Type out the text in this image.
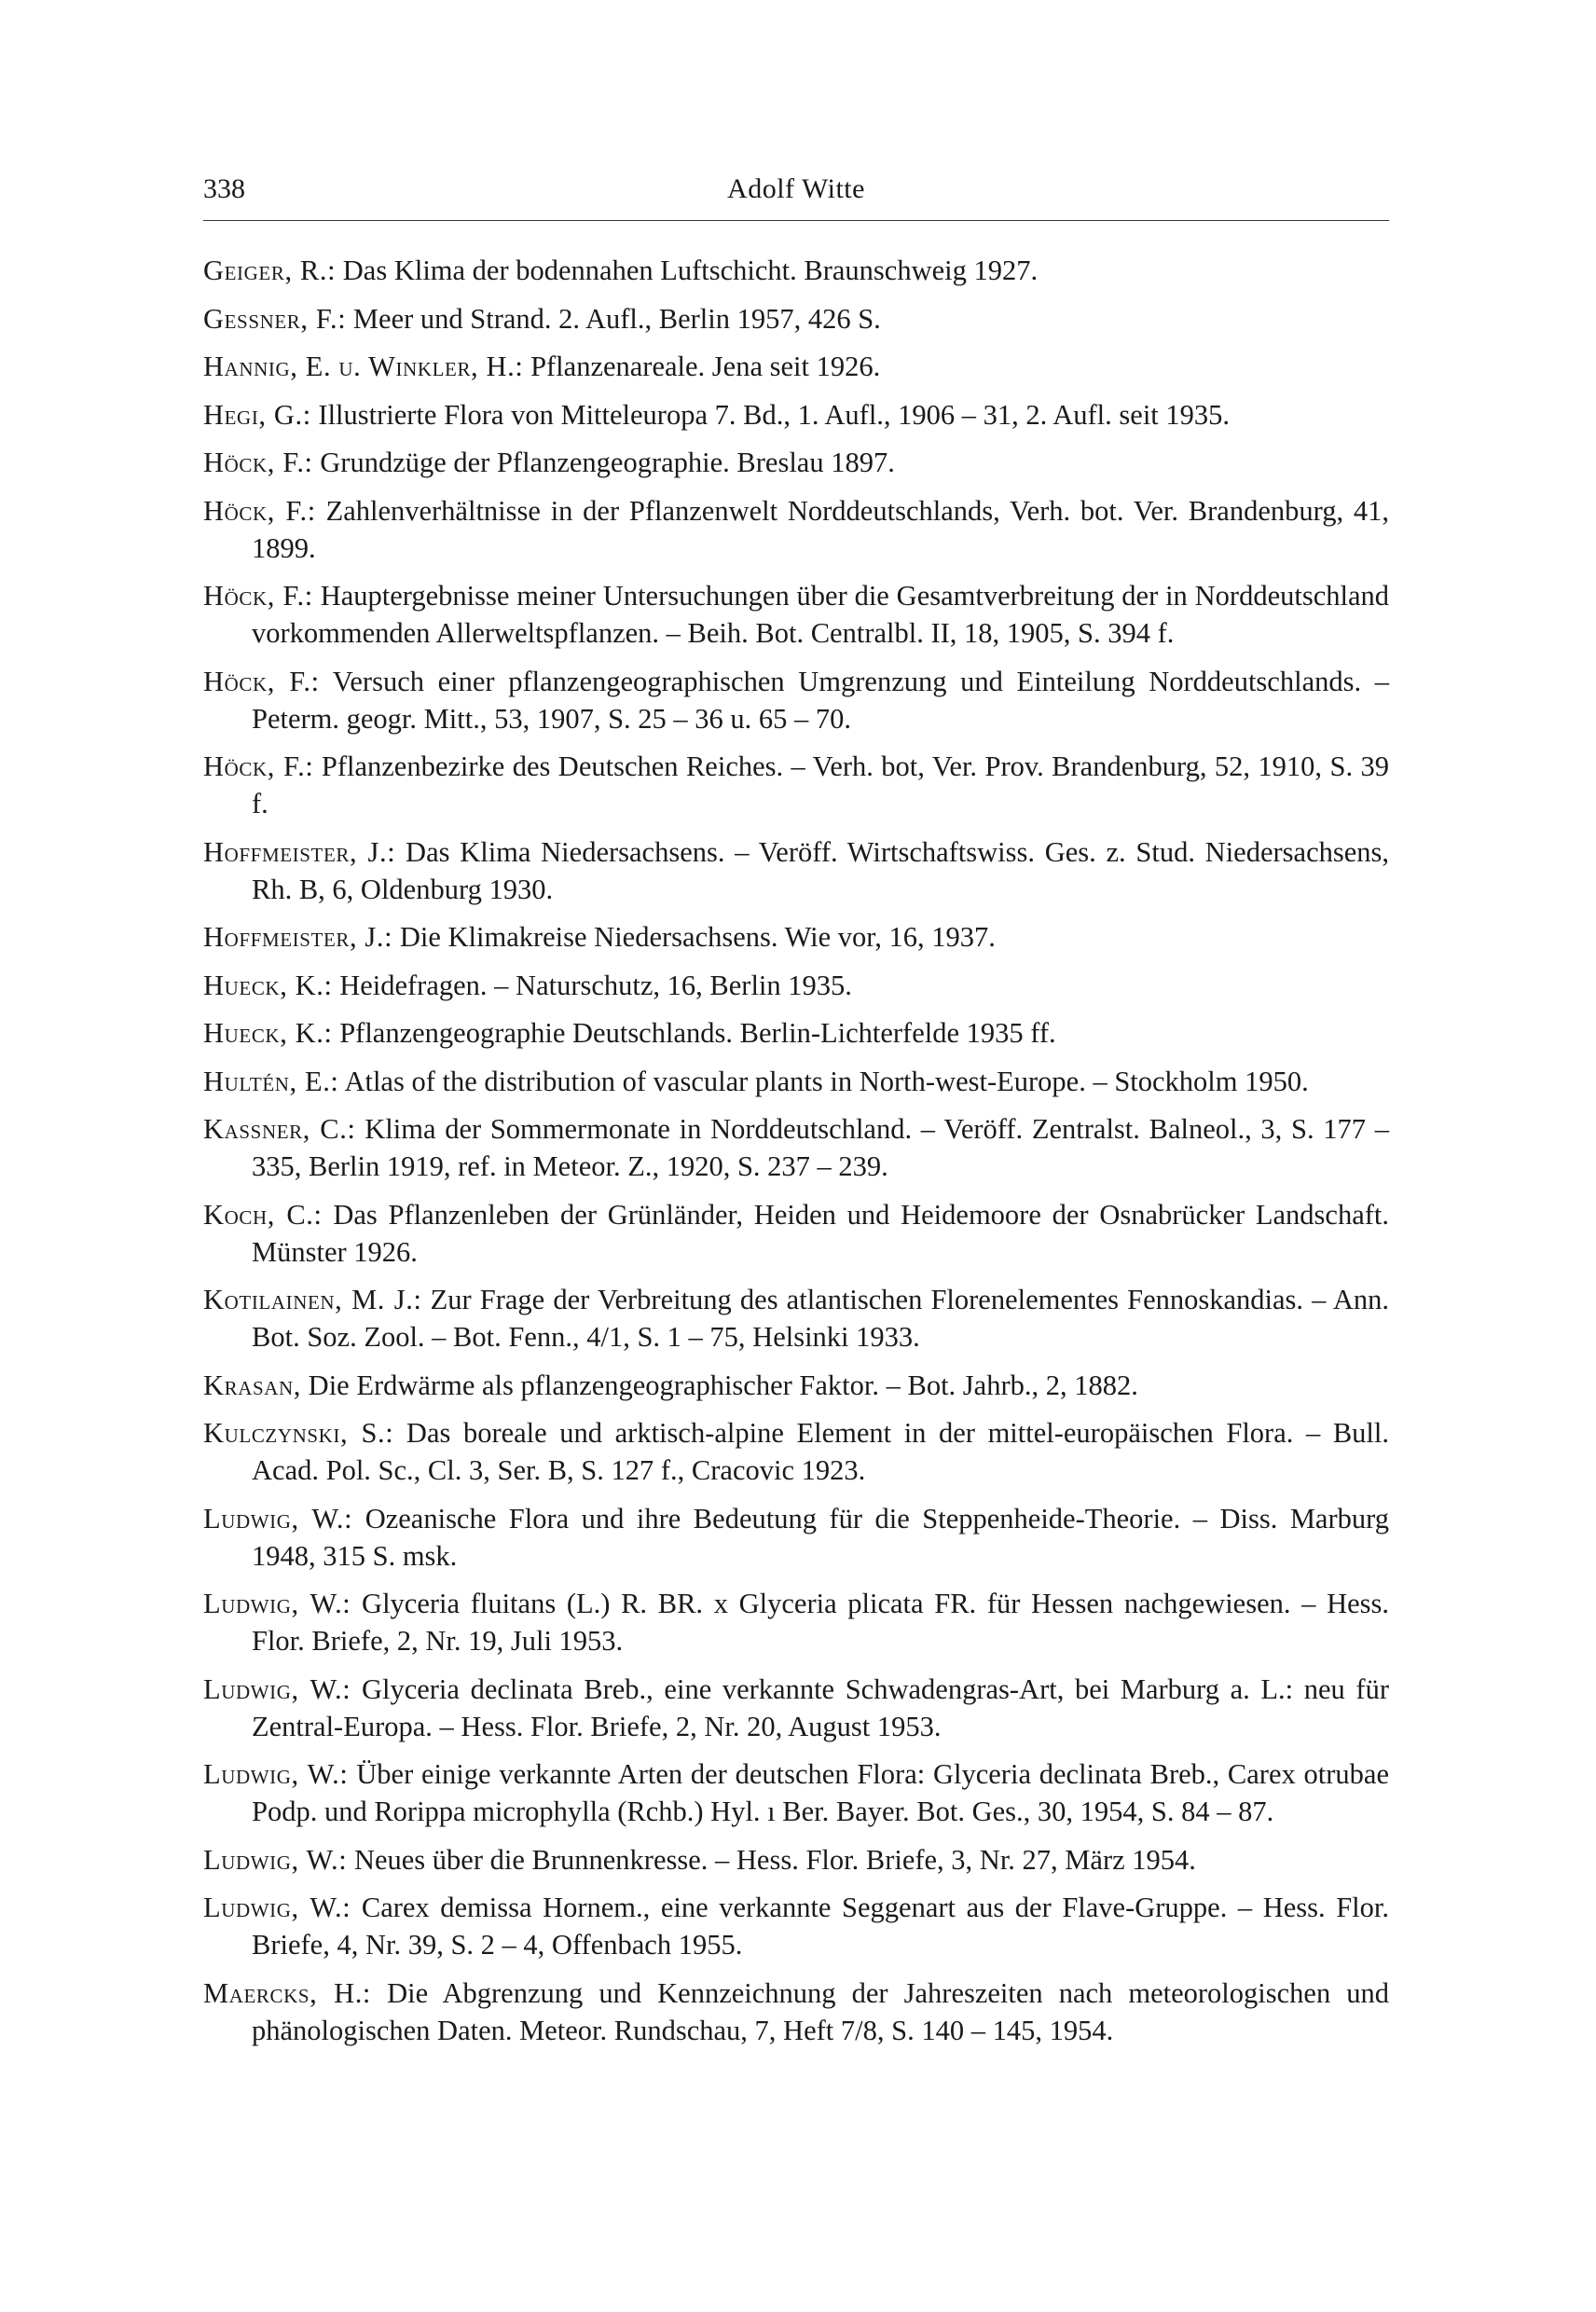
338	Adolf Witte

Geiger, R.: Das Klima der bodennahen Luftschicht. Braunschweig 1927.

Gessner, F.: Meer und Strand. 2. Aufl., Berlin 1957, 426 S.

Hannig, E. u. Winkler, H.: Pflanzenareale. Jena seit 1926.

Hegi, G.: Illustrierte Flora von Mitteleuropa 7. Bd., 1. Aufl., 1906 – 31, 2. Aufl. seit 1935.

Höck, F.: Grundzüge der Pflanzengeographie. Breslau 1897.

Höck, F.: Zahlenverhältnisse in der Pflanzenwelt Norddeutschlands, Verh. bot. Ver. Brandenburg, 41, 1899.

Höck, F.: Hauptergebnisse meiner Untersuchungen über die Gesamtverbreitung der in Norddeutschland vorkommenden Allerweltspflanzen. – Beih. Bot. Centralbl. II, 18, 1905, S. 394 f.

Höck, F.: Versuch einer pflanzengeographischen Umgrenzung und Einteilung Norddeutschlands. – Peterm. geogr. Mitt., 53, 1907, S. 25 – 36 u. 65 – 70.

Höck, F.: Pflanzenbezirke des Deutschen Reiches. – Verh. bot, Ver. Prov. Brandenburg, 52, 1910, S. 39 f.

Hoffmeister, J.: Das Klima Niedersachsens. – Veröff. Wirtschaftswiss. Ges. z. Stud. Niedersachsens, Rh. B, 6, Oldenburg 1930.

Hoffmeister, J.: Die Klimakreise Niedersachsens. Wie vor, 16, 1937.

Hueck, K.: Heidefragen. – Naturschutz, 16, Berlin 1935.

Hueck, K.: Pflanzengeographie Deutschlands. Berlin-Lichterfelde 1935 ff.

Hultén, E.: Atlas of the distribution of vascular plants in North-west-Europe. – Stockholm 1950.

Kassner, C.: Klima der Sommermonate in Norddeutschland. – Veröff. Zentralst. Balneol., 3, S. 177 – 335, Berlin 1919, ref. in Meteor. Z., 1920, S. 237 – 239.

Koch, C.: Das Pflanzenleben der Grünländer, Heiden und Heidemoore der Osnabrücker Landschaft. Münster 1926.

Kotilainen, M. J.: Zur Frage der Verbreitung des atlantischen Florenelementes Fennoskandias. – Ann. Bot. Soz. Zool. – Bot. Fenn., 4/1, S. 1 – 75, Helsinki 1933.

Krasan, Die Erdwärme als pflanzengeographischer Faktor. – Bot. Jahrb., 2, 1882.

Kulczynski, S.: Das boreale und arktisch-alpine Element in der mittel-europäischen Flora. – Bull. Acad. Pol. Sc., Cl. 3, Ser. B, S. 127 f., Cracovic 1923.

Ludwig, W.: Ozeanische Flora und ihre Bedeutung für die Steppenheide-Theorie. – Diss. Marburg 1948, 315 S. msk.

Ludwig, W.: Glyceria fluitans (L.) R. BR. x Glyceria plicata FR. für Hessen nachgewiesen. – Hess. Flor. Briefe, 2, Nr. 19, Juli 1953.

Ludwig, W.: Glyceria declinata Breb., eine verkannte Schwadengras-Art, bei Marburg a. L.: neu für Zentral-Europa. – Hess. Flor. Briefe, 2, Nr. 20, August 1953.

Ludwig, W.: Über einige verkannte Arten der deutschen Flora: Glyceria declinata Breb., Carex otrubae Podp. und Rorippa microphylla (Rchb.) Hyl. ı Ber. Bayer. Bot. Ges., 30, 1954, S. 84 – 87.

Ludwig, W.: Neues über die Brunnenkresse. – Hess. Flor. Briefe, 3, Nr. 27, März 1954.

Ludwig, W.: Carex demissa Hornem., eine verkannte Seggenart aus der Flave-Gruppe. – Hess. Flor. Briefe, 4, Nr. 39, S. 2 – 4, Offenbach 1955.

Maercks, H.: Die Abgrenzung und Kennzeichnung der Jahreszeiten nach meteorologischen und phänologischen Daten. Meteor. Rundschau, 7, Heft 7/8, S. 140 – 145, 1954.
